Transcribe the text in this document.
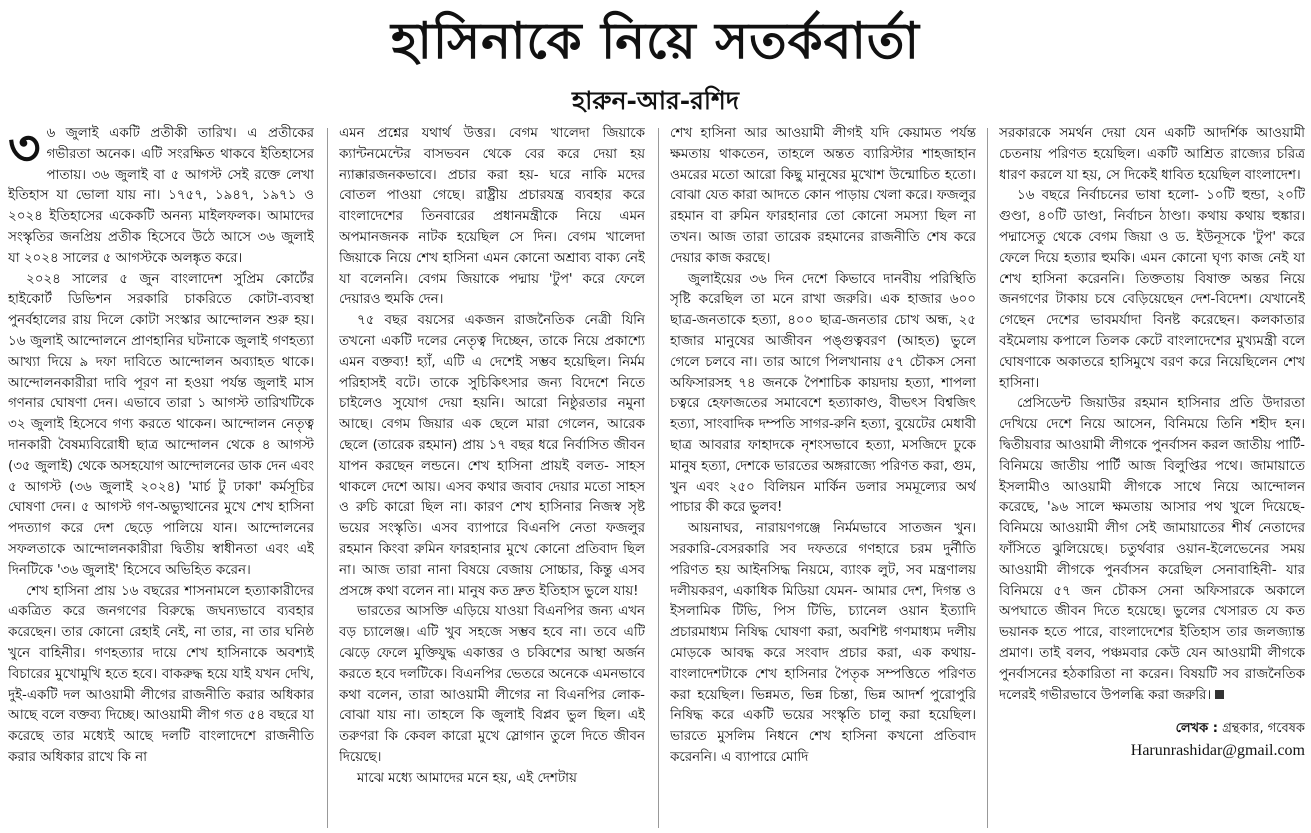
হাসিনাকে নিয়ে সতর্কবার্তা
হারুন-আর-রশিদ

৩ ৬ জুলাই একটি প্রতীকী তারিখ। এ প্রতীকের গভীরতা অনেক। এটি সংরক্ষিত থাকবে ইতিহাসের পাতায়। ৩৬ জুলাই বা ৫ আগস্ট সেই রক্তে লেখা ইতিহাস যা ভোলা যায় না। ১৭৫৭, ১৯৪৭, ১৯৭১ ও ২০২৪ ইতিহাসের একেকটি অনন্য মাইলফলক। আমাদের সংস্কৃতির জনপ্রিয় প্রতীক হিসেবে উঠে আসে ৩৬ জুলাই যা ২০২৪ সালের ৫ আগস্টকে অলঙ্কৃত করে।

২০২৪ সালের ৫ জুন বাংলাদেশ সুপ্রিম কোর্টের হাইকোর্ট ডিভিশন সরকারি চাকরিতে কোটা-ব্যবস্থা পুনর্বহালের রায় দিলে কোটা সংস্কার আন্দোলন শুরু হয়। ১৬ জুলাই আন্দোলনে প্রাণহানির ঘটনাকে জুলাই গণহত্যা আখ্যা দিয়ে ৯ দফা দাবিতে আন্দোলন অব্যাহত থাকে। আন্দোলনকারীরা দাবি পূরণ না হওয়া পর্যন্ত জুলাই মাস গণনার ঘোষণা দেন। এভাবে তারা ১ আগস্ট তারিখটিকে ৩২ জুলাই হিসেবে গণ্য করতে থাকেন। আন্দোলন নেতৃত্ব দানকারী বৈষম্যবিরোধী ছাত্র আন্দোলন থেকে ৪ আগস্ট (৩৫ জুলাই) থেকে অসহযোগ আন্দোলনের ডাক দেন এবং ৫ আগস্ট (৩৬ জুলাই ২০২৪) 'মার্চ টু ঢাকা' কর্মসূচির ঘোষণা দেন। ৫ আগস্ট গণ-অভ্যুত্থানের মুখে শেখ হাসিনা পদত্যাগ করে দেশ ছেড়ে পালিয়ে যান। আন্দোলনের সফলতাকে আন্দোলনকারীরা দ্বিতীয় স্বাধীনতা এবং এই দিনটিকে '৩৬ জুলাই' হিসেবে অভিহিত করেন।

শেখ হাসিনা প্রায় ১৬ বছরের শাসনামলে হত্যাকারীদের একত্রিত করে জনগণের বিরুদ্ধে জঘন্যভাবে ব্যবহার করেছেন। তার কোনো রেহাই নেই, না তার, না তার ঘনিষ্ঠ খুনে বাহিনীর। গণহত্যার দায়ে শেখ হাসিনাকে অবশ্যই বিচারের মুখোমুখি হতে হবে। বাকরুদ্ধ হয়ে যাই যখন দেখি, দুই-একটি দল আওয়ামী লীগের রাজনীতি করার অধিকার আছে বলে বক্তব্য দিচ্ছে। আওয়ামী লীগ গত ৫৪ বছরে যা করেছে তার মধ্যেই আছে দলটি বাংলাদেশে রাজনীতি করার অধিকার রাখে কি না

এমন প্রশ্নের যথার্থ উত্তর। বেগম খালেদা জিয়াকে ক্যান্টনমেন্টের বাসভবন থেকে বের করে দেয়া হয় ন্যাক্কারজনকভাবে। প্রচার করা হয়- ঘরে নাকি মদের বোতল পাওয়া গেছে। রাষ্ট্রীয় প্রচারযন্ত্র ব্যবহার করে বাংলাদেশের তিনবারের প্রধানমন্ত্রীকে নিয়ে এমন অপমানজনক নাটক হয়েছিল সে দিন। বেগম খালেদা জিয়াকে নিয়ে শেখ হাসিনা এমন কোনো অশ্রাব্য বাক্য নেই যা বলেননি। বেগম জিয়াকে পদ্মায় 'টুপ' করে ফেলে দেয়ারও হুমকি দেন।

৭৫ বছর বয়সের একজন রাজনৈতিক নেত্রী যিনি তখনো একটি দলের নেতৃত্ব দিচ্ছেন, তাকে নিয়ে প্রকাশ্যে এমন বক্তব্য! হ্যাঁ, এটি এ দেশেই সম্ভব হয়েছিল। নির্মম পরিহাসই বটে। তাকে সুচিকিৎসার জন্য বিদেশে নিতে চাইলেও সুযোগ দেয়া হয়নি। আরো নিষ্ঠুরতার নমুনা আছে। বেগম জিয়ার এক ছেলে মারা গেলেন, আরেক ছেলে (তারেক রহমান) প্রায় ১৭ বছর ধরে নির্বাসিত জীবন যাপন করছেন লন্ডনে। শেখ হাসিনা প্রায়ই বলত- সাহস থাকলে দেশে আয়। এসব কথার জবাব দেয়ার মতো সাহস ও রুচি কারো ছিল না। কারণ শেখ হাসিনার নিজস্ব সৃষ্ট ভয়ের সংস্কৃতি। এসব ব্যাপারে বিএনপি নেতা ফজলুর রহমান কিংবা রুমিন ফারহানার মুখে কোনো প্রতিবাদ ছিল না। আজ তারা নানা বিষয়ে বেজায় সোচ্চার, কিন্তু এসব প্রসঙ্গে কথা বলেন না। মানুষ কত দ্রুত ইতিহাস ভুলে যায়!

ভারতের আসক্তি এড়িয়ে যাওয়া বিএনপির জন্য এখন বড় চ্যালেঞ্জ। এটি খুব সহজে সম্ভব হবে না। তবে এটি ঝেড়ে ফেলে মুক্তিযুদ্ধ একাত্তর ও চব্বিশের আস্থা অর্জন করতে হবে দলটিকে। বিএনপির ভেতরে অনেকে এমনভাবে কথা বলেন, তারা আওয়ামী লীগের না বিএনপির লোক- বোঝা যায় না। তাহলে কি জুলাই বিপ্লব ভুল ছিল। এই তরুণরা কি কেবল কারো মুখে স্লোগান তুলে দিতে জীবন দিয়েছে।

মাঝে মধ্যে আমাদের মনে হয়, এই দেশটায়

শেখ হাসিনা আর আওয়ামী লীগই যদি কেয়ামত পর্যন্ত ক্ষমতায় থাকতেন, তাহলে অন্তত ব্যারিস্টার শাহজাহান ওমরের মতো আরো কিছু মানুষের মুখোশ উন্মোচিত হতো। বোঝা যেত কারা আদতে কোন পাড়ায় খেলা করে। ফজলুর রহমান বা রুমিন ফারহানার তো কোনো সমস্যা ছিল না তখন। আজ তারা তারেক রহমানের রাজনীতি শেষ করে দেয়ার কাজ করছে।

জুলাইয়ের ৩৬ দিন দেশে কিভাবে দানবীয় পরিস্থিতি সৃষ্টি করেছিল তা মনে রাখা জরুরি। এক হাজার ৬০০ ছাত্র-জনতাকে হত্যা, ৪০০ ছাত্র-জনতার চোখ অন্ধ, ২৫ হাজার মানুষের আজীবন পঙ্গুত্ববরণ (আহত) ভুলে গেলে চলবে না। তার আগে পিলখানায় ৫৭ চৌকস সেনা অফিসারসহ ৭৪ জনকে পৈশাচিক কায়দায় হত্যা, শাপলা চত্বরে হেফাজতের সমাবেশে হত্যাকাণ্ড, বীভৎস বিশ্বজিৎ হত্যা, সাংবাদিক দম্পতি সাগর-রুনি হত্যা, বুয়েটের মেধাবী ছাত্র আবরার ফাহাদকে নৃশংসভাবে হত্যা, মসজিদে ঢুকে মানুষ হত্যা, দেশকে ভারতের অঙ্গরাজ্যে পরিণত করা, গুম, খুন এবং ২৫০ বিলিয়ন মার্কিন ডলার সমমূল্যের অর্থ পাচার কী করে ভুলব!

আয়নাঘর, নারায়ণগঞ্জে নির্মমভাবে সাতজন খুন। সরকারি-বেসরকারি সব দফতরে গণহারে চরম দুর্নীতি পরিণত হয় আইনসিদ্ধ নিয়মে, ব্যাংক লুট, সব মন্ত্রণালয় দলীয়করণ, একাধিক মিডিয়া যেমন- আমার দেশ, দিগন্ত ও ইসলামিক টিভি, পিস টিভি, চ্যানেল ওয়ান ইত্যাদি প্রচারমাধ্যম নিষিদ্ধ ঘোষণা করা, অবশিষ্ট গণমাধ্যম দলীয় মোড়কে আবদ্ধ করে সংবাদ প্রচার করা, এক কথায়- বাংলাদেশটাকে শেখ হাসিনার পৈতৃক সম্পত্তিতে পরিণত করা হয়েছিল। ভিন্নমত, ভিন্ন চিন্তা, ভিন্ন আদর্শ পুরোপুরি নিষিদ্ধ করে একটি ভয়ের সংস্কৃতি চালু করা হয়েছিল। ভারতে মুসলিম নিধনে শেখ হাসিনা কখনো প্রতিবাদ করেননি। এ ব্যাপারে মোদি

সরকারকে সমর্থন দেয়া যেন একটি আদর্শিক আওয়ামী চেতনায় পরিণত হয়েছিল। একটি আশ্রিত রাজ্যের চরিত্র ধারণ করলে যা হয়, সে দিকেই ধাবিত হয়েছিল বাংলাদেশ।

১৬ বছরে নির্বাচনের ভাষা হলো- ১০টি হুন্ডা, ২০টি গুণ্ডা, ৪০টি ডাণ্ডা, নির্বাচন ঠাণ্ডা। কথায় কথায় হুঙ্কার। পদ্মাসেতু থেকে বেগম জিয়া ও ড. ইউনূসকে 'টুপ' করে ফেলে দিয়ে হত্যার হুমকি। এমন কোনো ঘৃণ্য কাজ নেই যা শেখ হাসিনা করেননি। তিক্ততায় বিষাক্ত অন্তর নিয়ে জনগণের টাকায় চষে বেড়িয়েছেন দেশ-বিদেশ। যেখানেই গেছেন দেশের ভাবমর্যাদা বিনষ্ট করেছেন। কলকাতার বইমেলায় কপালে তিলক কেটে বাংলাদেশের মুখ্যমন্ত্রী বলে ঘোষণাকে অকাতরে হাসিমুখে বরণ করে নিয়েছিলেন শেখ হাসিনা।

প্রেসিডেন্ট জিয়াউর রহমান হাসিনার প্রতি উদারতা দেখিয়ে দেশে নিয়ে আসেন, বিনিময়ে তিনি শহীদ হন। দ্বিতীয়বার আওয়ামী লীগকে পুনর্বাসন করল জাতীয় পার্টি- বিনিময়ে জাতীয় পার্টি আজ বিলুপ্তির পথে। জামায়াতে ইসলামীও আওয়ামী লীগকে সাথে নিয়ে আন্দোলন করেছে, '৯৬ সালে ক্ষমতায় আসার পথ খুলে দিয়েছে- বিনিময়ে আওয়ামী লীগ সেই জামায়াতের শীর্ষ নেতাদের ফাঁসিতে ঝুলিয়েছে। চতুর্থবার ওয়ান-ইলেভেনের সময় আওয়ামী লীগকে পুনর্বাসন করেছিল সেনাবাহিনী- যার বিনিময়ে ৫৭ জন চৌকস সেনা অফিসারকে অকালে অপঘাতে জীবন দিতে হয়েছে। ভুলের খেসারত যে কত ভয়ানক হতে পারে, বাংলাদেশের ইতিহাস তার জলজ্যান্ত প্রমাণ। তাই বলব, পঞ্চমবার কেউ যেন আওয়ামী লীগকে পুনর্বাসনের হঠকারিতা না করেন। বিষয়টি সব রাজনৈতিক দলেরই গভীরভাবে উপলব্ধি করা জরুরি।

লেখক : গ্রন্থকার, গবেষক
Harunrashidar@gmail.com
